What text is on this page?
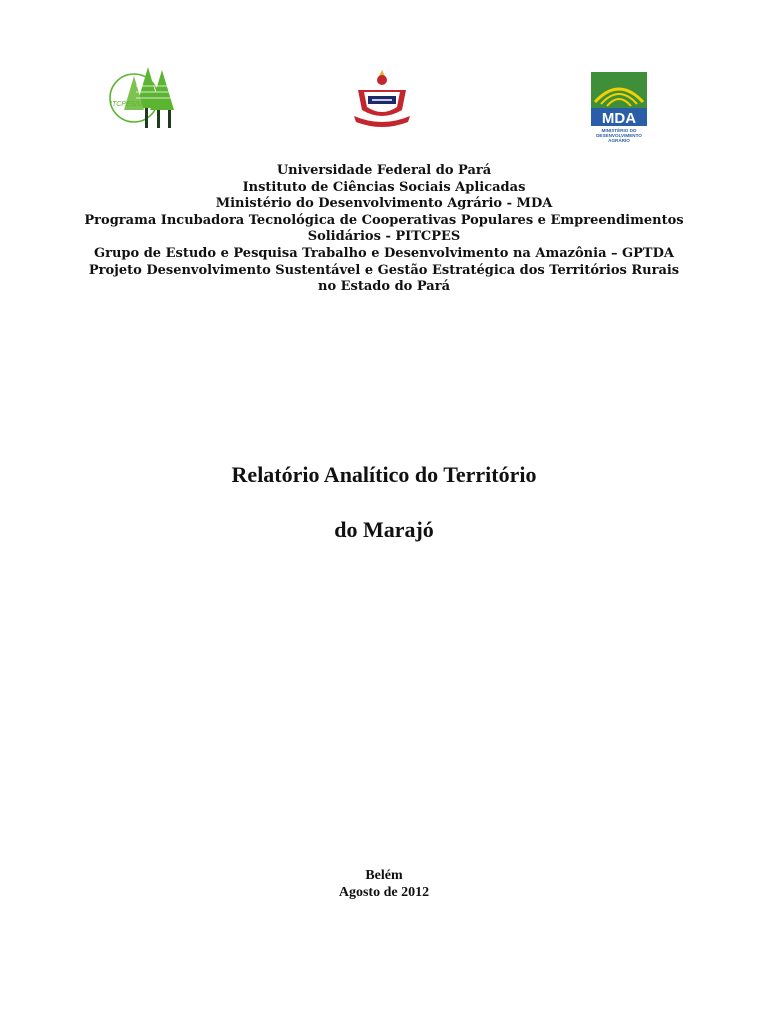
ITCPES/UFPA
MDA
MINISTÉRIO DO
DESENVOLVIMENTO
AGRÁRIO
Universidade Federal do Pará
Instituto de Ciências Sociais Aplicadas
Ministério do Desenvolvimento Agrário - MDA
Programa Incubadora Tecnológica de Cooperativas Populares e Empreendimentos
Solidários - PITCPES
Grupo de Estudo e Pesquisa Trabalho e Desenvolvimento na Amazônia – GPTDA
Projeto Desenvolvimento Sustentável e Gestão Estratégica dos Territórios Rurais
no Estado do Pará
Relatório Analítico do Território
do Marajó
Belém
Agosto de 2012
